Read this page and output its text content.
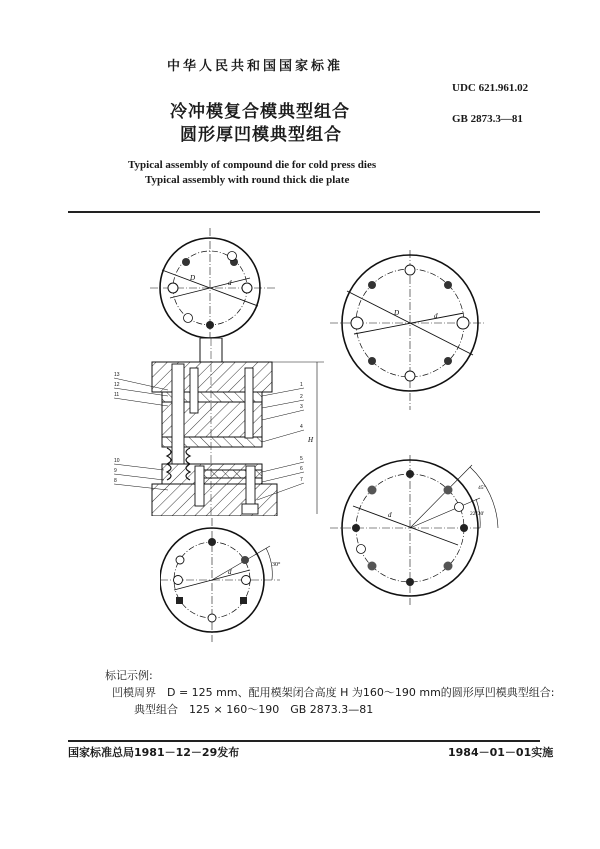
中华人民共和国国家标准
UDC 621.961.02
GB 2873.3—81
冷冲模复合模典型组合
圆形厚凹模典型组合
Typical assembly of compound die for cold press dies
Typical assembly with round thick die plate
D
d
H
13
12
11
10
9
8
1
2
3
4
5
6
7
30°
d
D	d
d
45°
22°30'
标记示例:
凹模周界　D = 125 mm、配用模架闭合高度 H 为160～190 mm的圆形厚凹模典型组合:
典型组合　125 × 160～190　GB 2873.3—81
国家标准总局1981－12－29发布	1984－01－01实施
